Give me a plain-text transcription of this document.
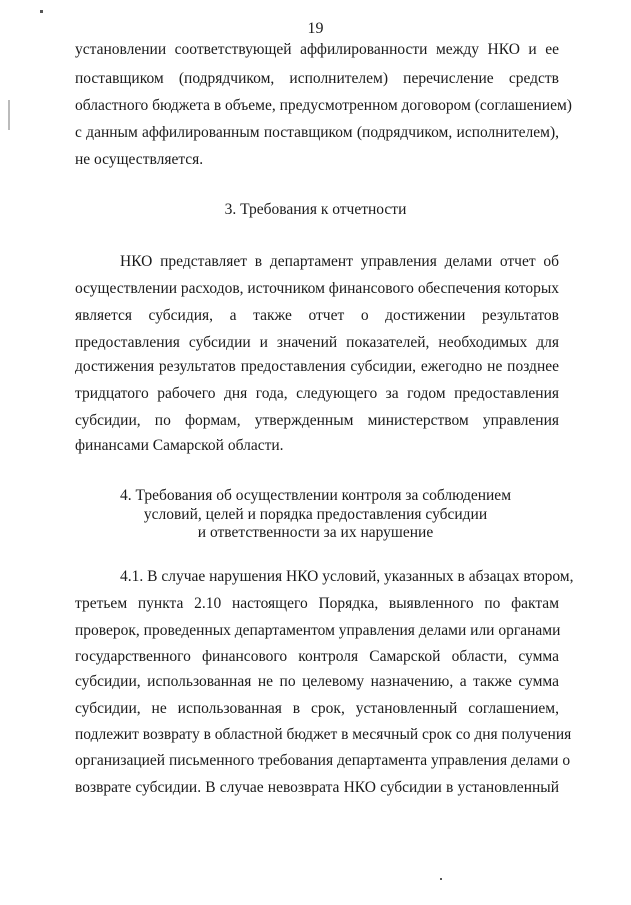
19
установлении соответствующей аффилированности между НКО и ее
поставщиком (подрядчиком, исполнителем) перечисление средств
областного бюджета в объеме, предусмотренном договором (соглашением)
с данным аффилированным поставщиком (подрядчиком, исполнителем),
не осуществляется.
3. Требования к отчетности
НКО представляет в департамент управления делами отчет об
осуществлении расходов, источником финансового обеспечения которых
является субсидия, а также отчет о достижении результатов
предоставления субсидии и значений показателей, необходимых для
достижения результатов предоставления субсидии, ежегодно не позднее
тридцатого рабочего дня года, следующего за годом предоставления
субсидии, по формам, утвержденным министерством управления
финансами Самарской области.
4. Требования об осуществлении контроля за соблюдением
условий, целей и порядка предоставления субсидии
и ответственности за их нарушение
4.1. В случае нарушения НКО условий, указанных в абзацах втором,
третьем пункта 2.10 настоящего Порядка, выявленного по фактам
проверок, проведенных департаментом управления делами или органами
государственного финансового контроля Самарской области, сумма
субсидии, использованная не по целевому назначению, а также сумма
субсидии, не использованная в срок, установленный соглашением,
подлежит возврату в областной бюджет в месячный срок со дня получения
организацией письменного требования департамента управления делами о
возврате субсидии. В случае невозврата НКО субсидии в установленный
